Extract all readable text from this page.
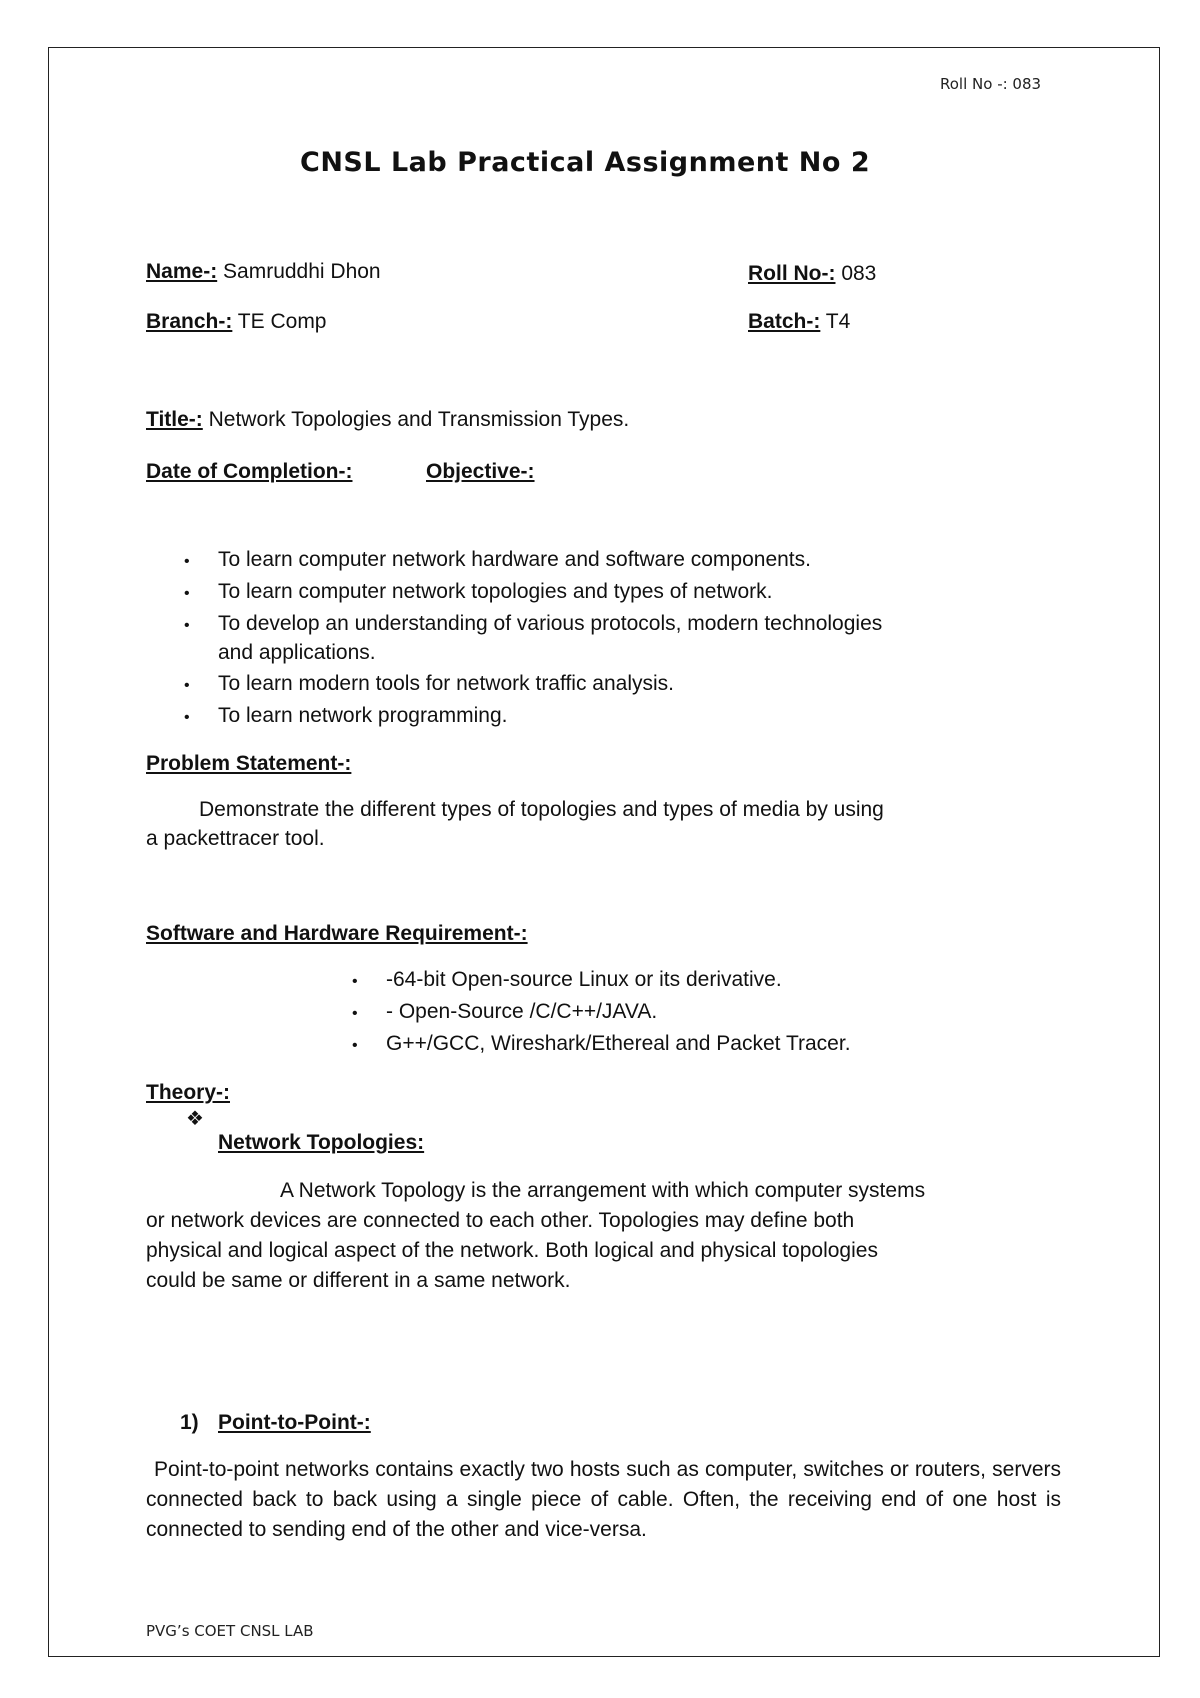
Roll No -: 083
CNSL Lab Practical Assignment No 2
Name-: Samruddhi Dhon	Roll No-: 083
Branch-: TE Comp	Batch-: T4
Title-: Network Topologies and Transmission Types.
Date of Completion-:	Objective-:
• To learn computer network hardware and software components.
• To learn computer network topologies and types of network.
• To develop an understanding of various protocols, modern technologies
and applications.
• To learn modern tools for network traffic analysis.
• To learn network programming.
Problem Statement-:
Demonstrate the different types of topologies and types of media by using
a packettracer tool.
Software and Hardware Requirement-:
• -64-bit Open-source Linux or its derivative.
• - Open-Source /C/C++/JAVA.
• G++/GCC, Wireshark/Ethereal and Packet Tracer.
Theory-:
❖
Network Topologies:
A Network Topology is the arrangement with which computer systems
or network devices are connected to each other. Topologies may define both
physical and logical aspect of the network. Both logical and physical topologies
could be same or different in a same network.
1) Point-to-Point-:
Point-to-point networks contains exactly two hosts such as computer, switches or routers, servers connected back to back using a single piece of cable. Often, the receiving end of one host is connected to sending end of the other and vice-versa.
PVG’s COET CNSL LAB
